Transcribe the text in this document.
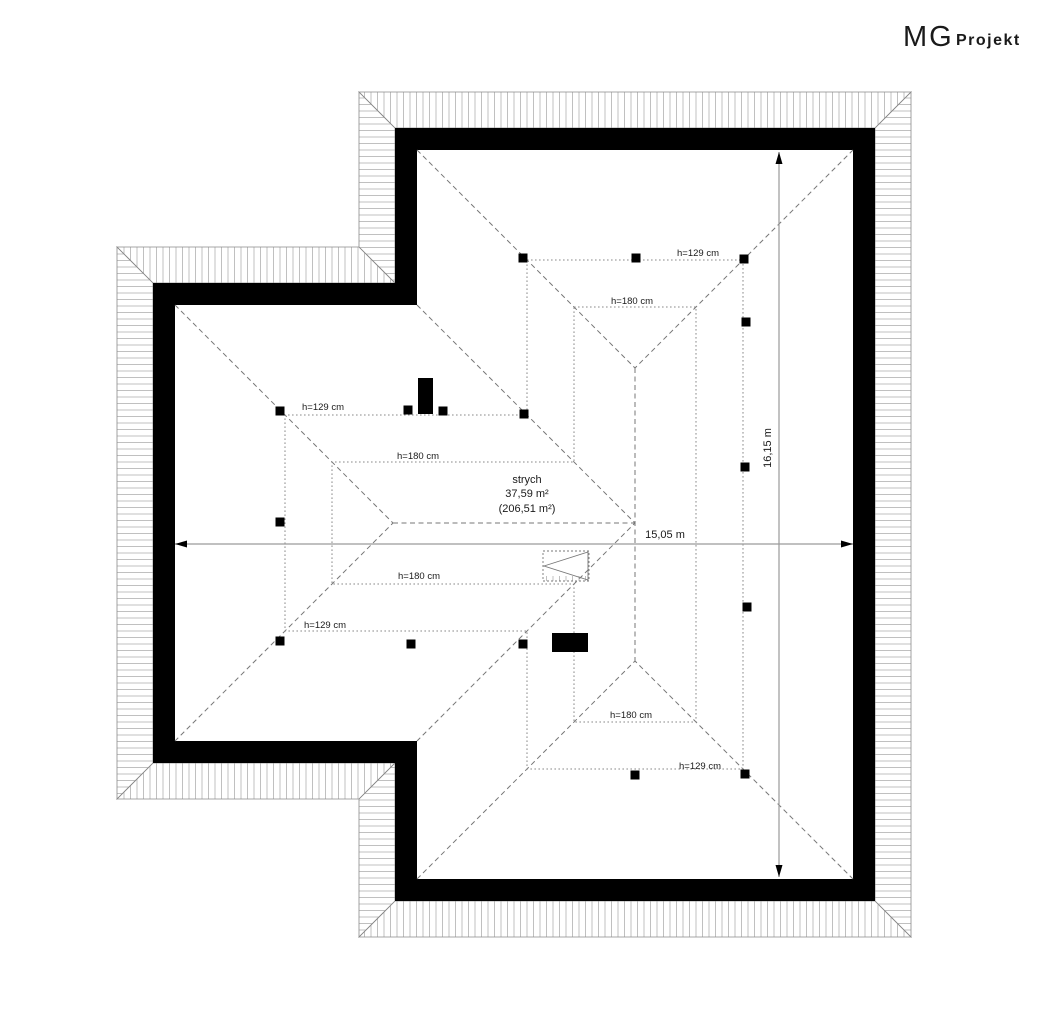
15,05 m
16,15 m
strych
37,59 m²
(206,51 m²)
h=129 cm
h=180 cm
h=129 cm
h=180 cm
h=180 cm
h=129 cm
h=180 cm
h=129 cm
MG Projekt
